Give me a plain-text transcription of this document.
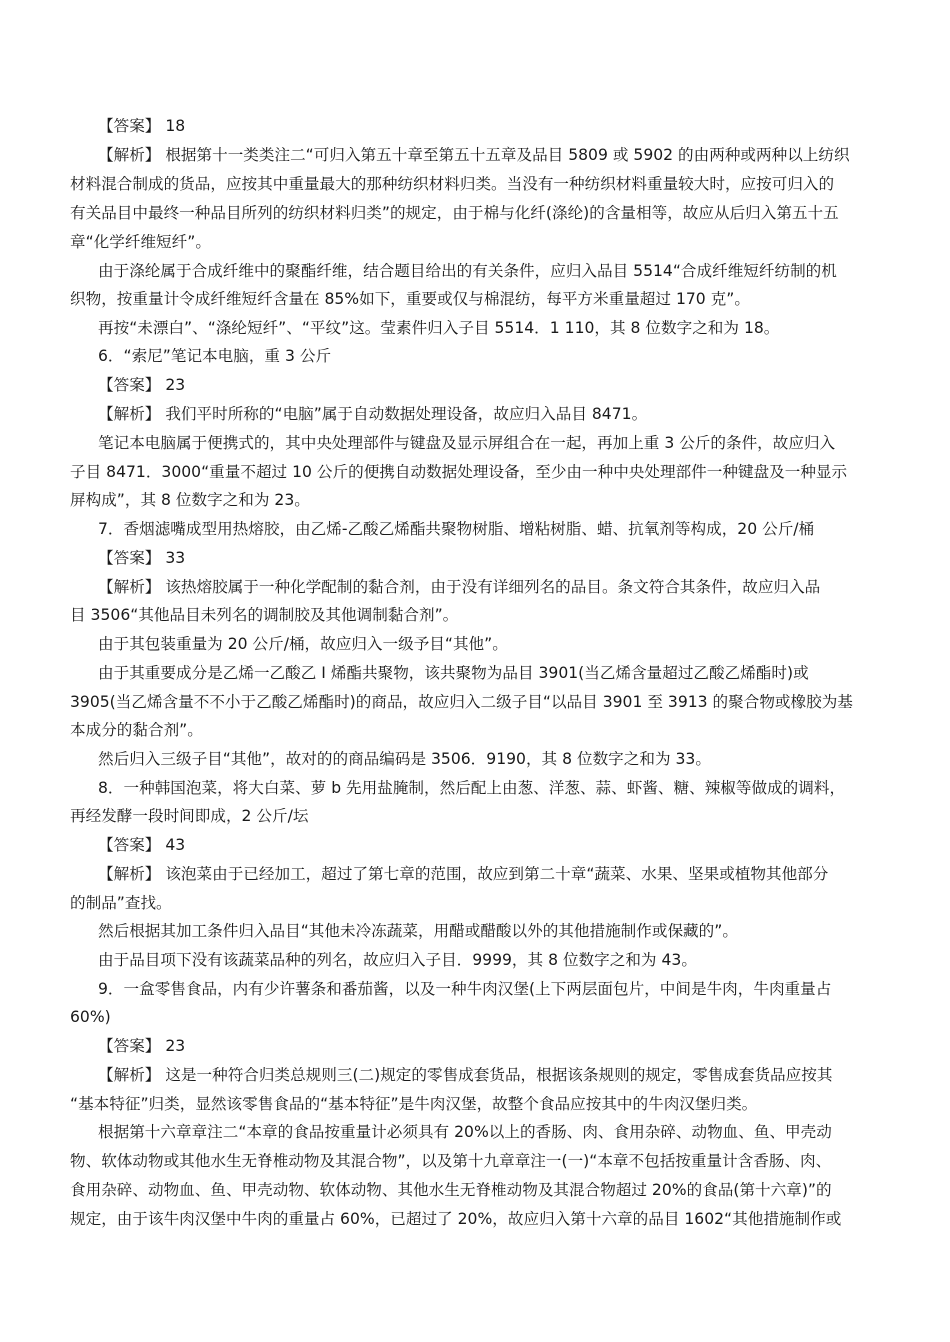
【答案】 18
【解析】 根据第十一类类注二“可归入第五十章至第五十五章及品目 5809 或 5902 的由两种或两种以上纺织
材料混合制成的货品，应按其中重量最大的那种纺织材料归类。当没有一种纺织材料重量较大时，应按可归入的
有关品目中最终一种品目所列的纺织材料归类”的规定，由于棉与化纤(涤纶)的含量相等，故应从后归入第五十五
章“化学纤维短纤”。
由于涤纶属于合成纤维中的聚酯纤维，结合题目给出的有关条件，应归入品目 5514“合成纤维短纤纺制的机
织物，按重量计令成纤维短纤含量在 85%如下，重要或仅与棉混纺，每平方米重量超过 170 克”。
再按“未漂白”、“涤纶短纤”、“平纹”这。莹素件归入子目 5514．1 110，其 8 位数字之和为 18。
6．“索尼”笔记本电脑，重 3 公斤
【答案】 23
【解析】 我们平时所称的“电脑”属于自动数据处理设备，故应归入品目 8471。
笔记本电脑属于便携式的，其中央处理部件与键盘及显示屏组合在一起，再加上重 3 公斤的条件，故应归入
子目 8471．3000“重量不超过 10 公斤的便携自动数据处理设备，至少由一种中央处理部件一种键盘及一种显示
屏构成”，其 8 位数字之和为 23。
7．香烟滤嘴成型用热熔胶，由乙烯-乙酸乙烯酯共聚物树脂、增粘树脂、蜡、抗氧剂等构成，20 公斤/桶
【答案】 33
【解析】 该热熔胶属于一种化学配制的黏合剂，由于没有详细列名的品目。条文符合其条件，故应归入品
目 3506“其他品目未列名的调制胶及其他调制黏合剂”。
由于其包装重量为 20 公斤/桶，故应归入一级予目“其他”。
由于其重要成分是乙烯一乙酸乙 I 烯酯共聚物，该共聚物为品目 3901(当乙烯含量超过乙酸乙烯酯时)或
3905(当乙烯含量不不小于乙酸乙烯酯时)的商品，故应归入二级子目“以品目 3901 至 3913 的聚合物或橡胶为基
本成分的黏合剂”。
然后归入三级子目“其他”，故对的的商品编码是 3506．9190，其 8 位数字之和为 33。
8．一种韩国泡菜，将大白菜、萝 b 先用盐腌制，然后配上由葱、洋葱、蒜、虾酱、糖、辣椒等做成的调料，
再经发酵一段时间即成，2 公斤/坛
【答案】 43
【解析】 该泡菜由于已经加工，超过了第七章的范围，故应到第二十章“蔬菜、水果、坚果或植物其他部分
的制品”查找。
然后根据其加工条件归入品目“其他未冷冻蔬菜，用醋或醋酸以外的其他措施制作或保藏的”。
由于品目项下没有该蔬菜品种的列名，故应归入子目．9999，其 8 位数字之和为 43。
9．一盒零售食品，内有少许薯条和番茄酱，以及一种牛肉汉堡(上下两层面包片，中间是牛肉，牛肉重量占
60%)
【答案】 23
【解析】 这是一种符合归类总规则三(二)规定的零售成套货品，根据该条规则的规定，零售成套货品应按其
“基本特征”归类，显然该零售食品的“基本特征”是牛肉汉堡，故整个食品应按其中的牛肉汉堡归类。
根据第十六章章注二“本章的食品按重量计必须具有 20%以上的香肠、肉、食用杂碎、动物血、鱼、甲壳动
物、软体动物或其他水生无脊椎动物及其混合物”，以及第十九章章注一(一)“本章不包括按重量计含香肠、肉、
食用杂碎、动物血、鱼、甲壳动物、软体动物、其他水生无脊椎动物及其混合物超过 20%的食品(第十六章)”的
规定，由于该牛肉汉堡中牛肉的重量占 60%，已超过了 20%，故应归入第十六章的品目 1602“其他措施制作或
